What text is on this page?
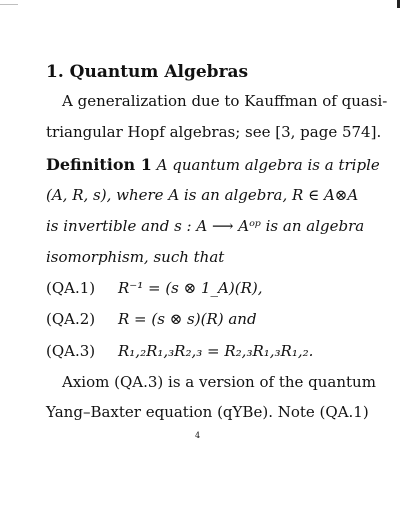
1. Quantum Algebras
A generalization due to Kauffman of quasi-
triangular Hopf algebras; see [3, page 574].
Definition 1 A quantum algebra is a triple
(A, R, s), where A is an algebra, R ∈ A⊗A
is invertible and s : A ⟶ Aᵒᵖ is an algebra
isomorphism, such that
(QA.1) R⁻¹ = (s ⊗ 1_A)(R),
(QA.2) R = (s ⊗ s)(R) and
(QA.3) R₁,₂R₁,₃R₂,₃ = R₂,₃R₁,₃R₁,₂.
Axiom (QA.3) is a version of the quantum
Yang–Baxter equation (qYBe). Note (QA.1)
4
